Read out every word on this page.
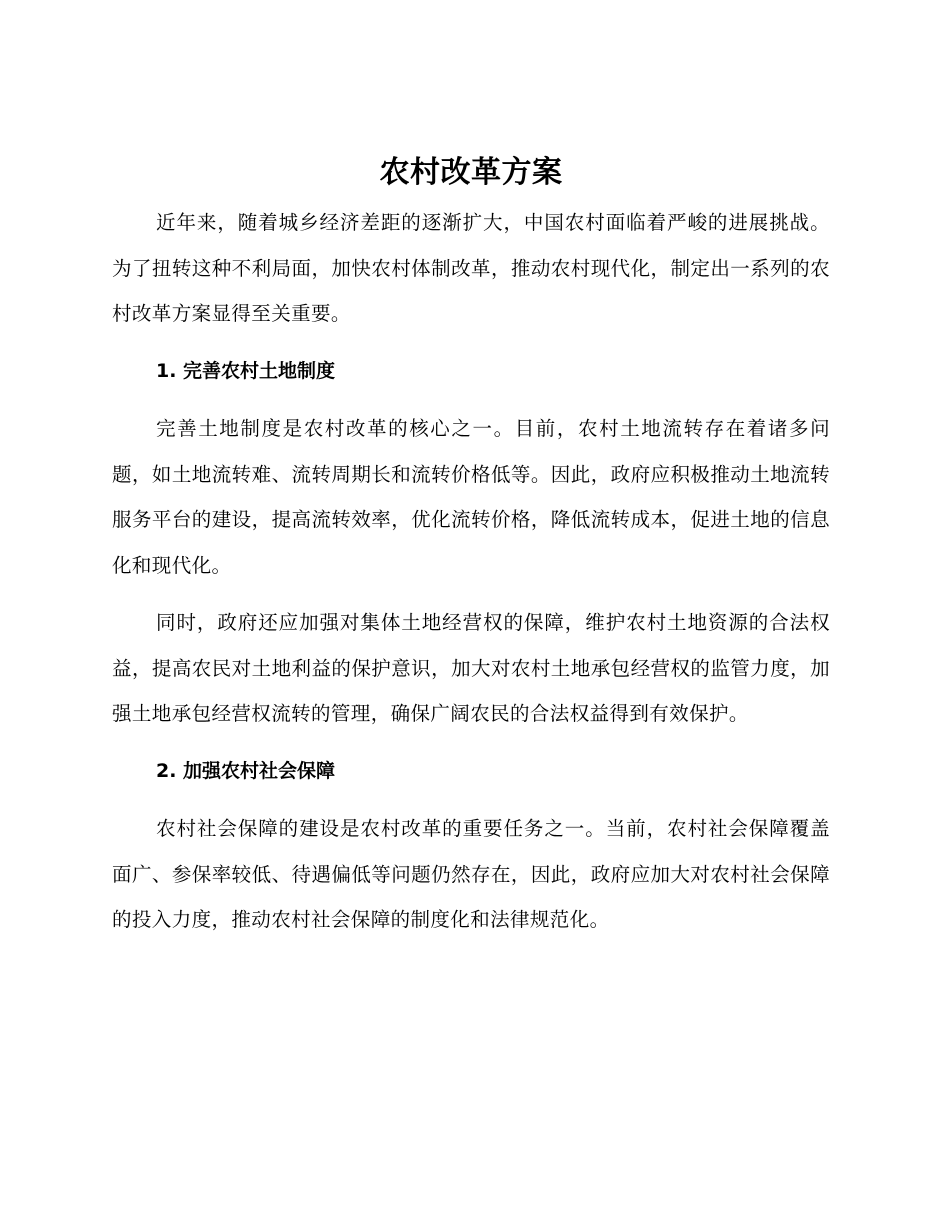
农村改革方案

近年来，随着城乡经济差距的逐渐扩大，中国农村面临着严峻的进展挑战。为了扭转这种不利局面，加快农村体制改革，推动农村现代化，制定出一系列的农村改革方案显得至关重要。

1. 完善农村土地制度

完善土地制度是农村改革的核心之一。目前，农村土地流转存在着诸多问题，如土地流转难、流转周期长和流转价格低等。因此，政府应积极推动土地流转服务平台的建设，提高流转效率，优化流转价格，降低流转成本，促进土地的信息化和现代化。

同时，政府还应加强对集体土地经营权的保障，维护农村土地资源的合法权益，提高农民对土地利益的保护意识，加大对农村土地承包经营权的监管力度，加强土地承包经营权流转的管理，确保广阔农民的合法权益得到有效保护。

2. 加强农村社会保障

农村社会保障的建设是农村改革的重要任务之一。当前，农村社会保障覆盖面广、参保率较低、待遇偏低等问题仍然存在，因此，政府应加大对农村社会保障的投入力度，推动农村社会保障的制度化和法律规范化。
